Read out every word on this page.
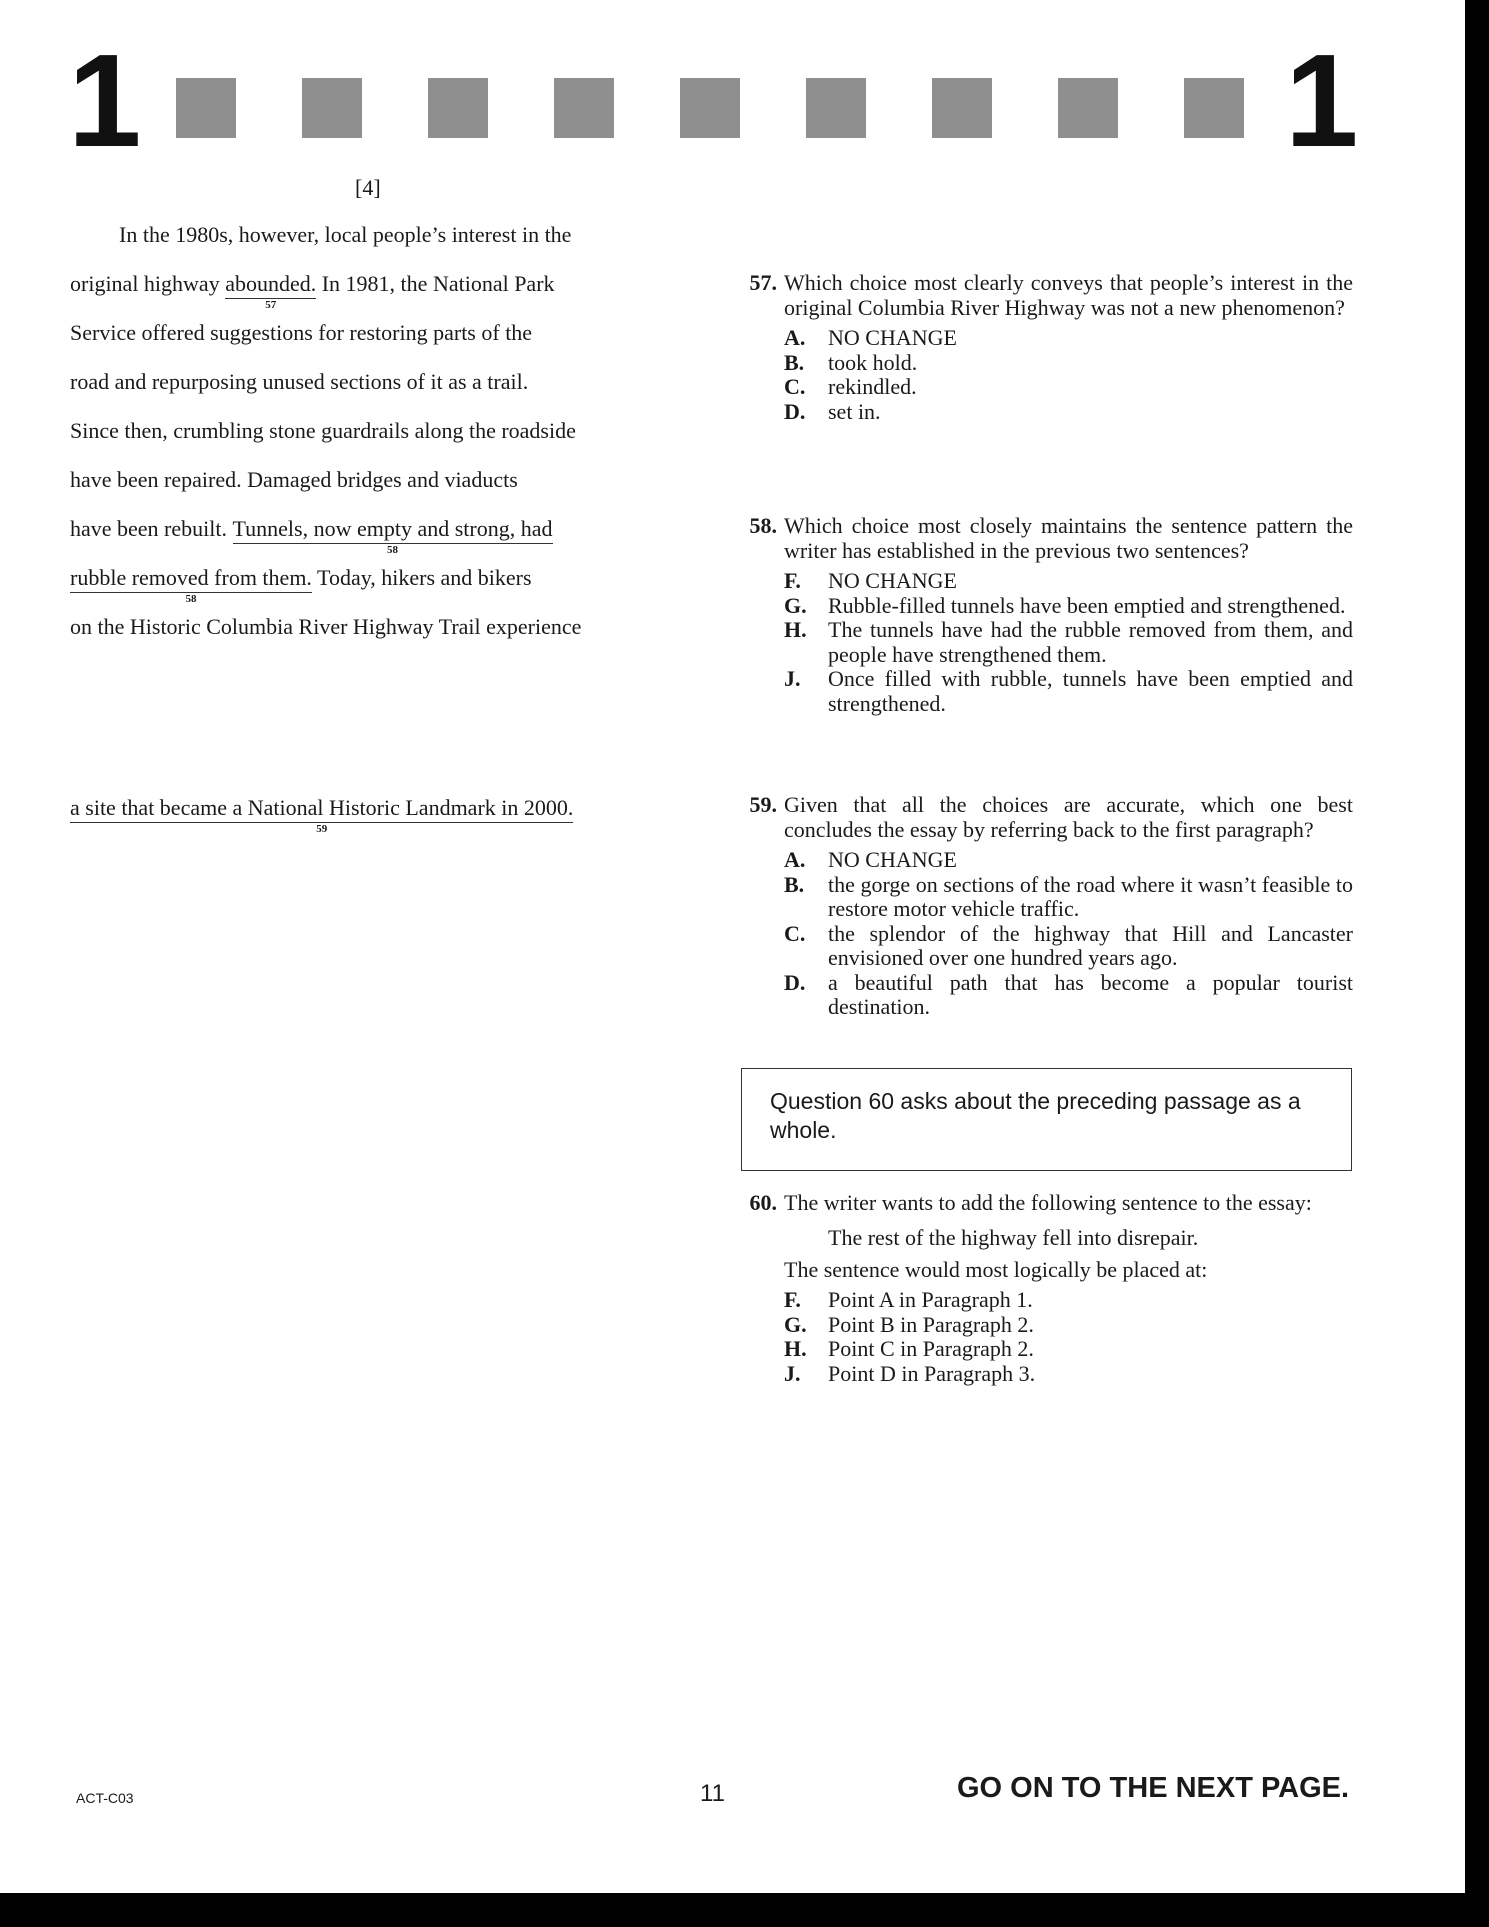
1	1
[4]
In the 1980s, however, local people’s interest in the
original highway abounded.
57
In 1981, the National Park
Service offered suggestions for restoring parts of the
road and repurposing unused sections of it as a trail.
Since then, crumbling stone guardrails along the roadside
have been repaired. Damaged bridges and viaducts
have been rebuilt. Tunnels, now empty and strong, had
58
rubble removed from them.
58
Today, hikers and bikers
on the Historic Columbia River Highway Trail experience
a site that became a National Historic Landmark in 2000.
59
57. Which choice most clearly conveys that people’s interest in the original Columbia River Highway was not a new phenomenon?
A.	NO CHANGE
B.	took hold.
C.	rekindled.
D.	set in.
58. Which choice most closely maintains the sentence pattern the writer has established in the previous two sentences?
F.	NO CHANGE
G. Rubble-filled tunnels have been emptied and strengthened.
H. The tunnels have had the rubble removed from them, and people have strengthened them.
J.	Once filled with rubble, tunnels have been emptied and strengthened.
59. Given that all the choices are accurate, which one best concludes the essay by referring back to the first paragraph?
A.	NO CHANGE
B.	the gorge on sections of the road where it wasn’t feasible to restore motor vehicle traffic.
C.	the splendor of the highway that Hill and Lancaster envisioned over one hundred years ago.
D.	a beautiful path that has become a popular tourist destination.
Question 60 asks about the preceding passage as a whole.
60. The writer wants to add the following sentence to the essay:
The rest of the highway fell into disrepair.
The sentence would most logically be placed at:
F.	Point A in Paragraph 1.
G. Point B in Paragraph 2.
H. Point C in Paragraph 2.
J.	Point D in Paragraph 3.
ACT-C03	11	GO ON TO THE NEXT PAGE.
